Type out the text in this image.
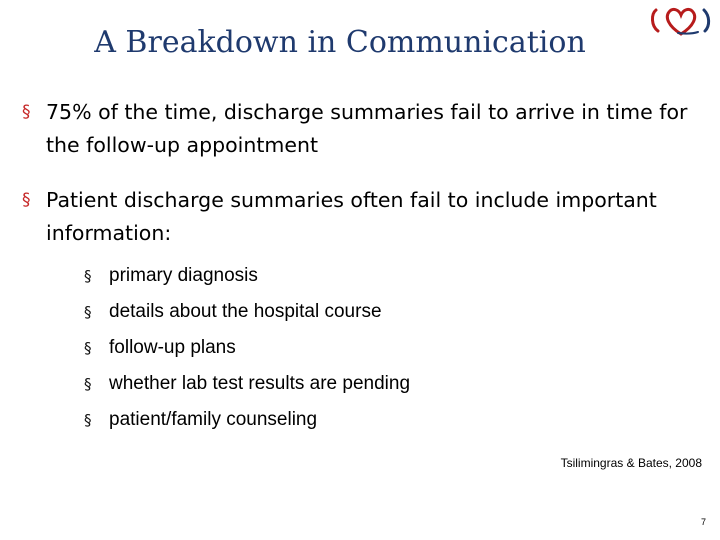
A Breakdown in Communication
§ 75% of the time, discharge summaries fail to arrive in time for the follow-up appointment
§ Patient discharge summaries often fail to include important information:
§ primary diagnosis
§ details about the hospital course
§ follow-up plans
§ whether lab test results are pending
§ patient/family counseling
Tsilimingras & Bates, 2008
7
